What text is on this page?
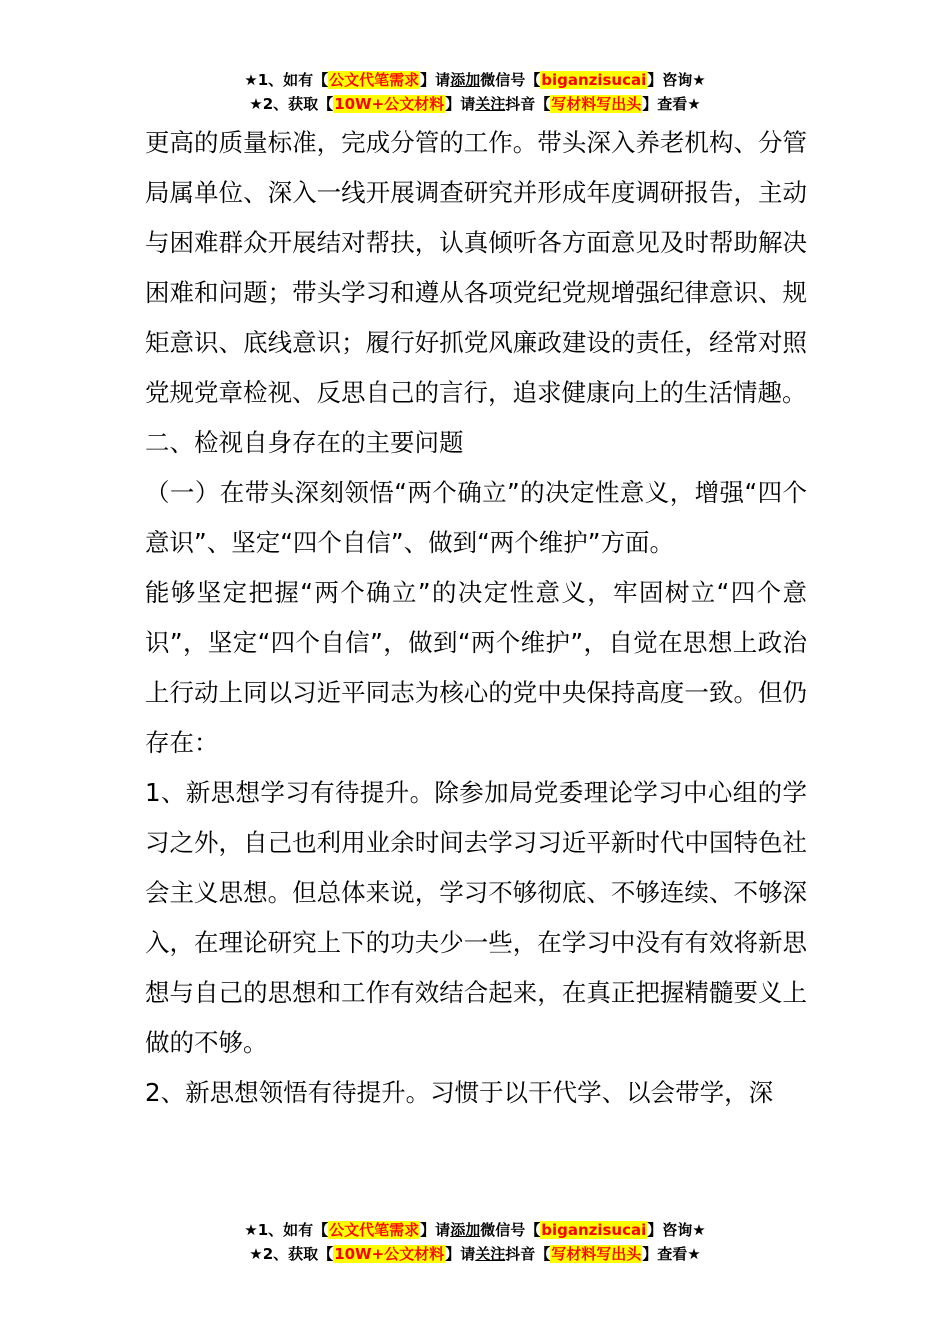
★1、如有【公文代笔需求】请添加微信号【biganzisucai】咨询★
★2、获取【10W+公文材料】请关注抖音【写材料写出头】查看★

更高的质量标准，完成分管的工作。带头深入养老机构、分管局属单位、深入一线开展调查研究并形成年度调研报告，主动与困难群众开展结对帮扶，认真倾听各方面意见及时帮助解决困难和问题；带头学习和遵从各项党纪党规增强纪律意识、规矩意识、底线意识；履行好抓党风廉政建设的责任，经常对照党规党章检视、反思自己的言行，追求健康向上的生活情趣。

二、检视自身存在的主要问题

（一）在带头深刻领悟“两个确立”的决定性意义，增强“四个意识”、坚定“四个自信”、做到“两个维护”方面。

能够坚定把握“两个确立”的决定性意义，牢固树立“四个意识”，坚定“四个自信”，做到“两个维护”，自觉在思想上政治上行动上同以习近平同志为核心的党中央保持高度一致。但仍存在：

1、新思想学习有待提升。除参加局党委理论学习中心组的学习之外，自己也利用业余时间去学习习近平新时代中国特色社会主义思想。但总体来说，学习不够彻底、不够连续、不够深入，在理论研究上下的功夫少一些，在学习中没有有效将新思想与自己的思想和工作有效结合起来，在真正把握精髓要义上做的不够。

2、新思想领悟有待提升。习惯于以干代学、以会带学，深

★1、如有【公文代笔需求】请添加微信号【biganzisucai】咨询★
★2、获取【10W+公文材料】请关注抖音【写材料写出头】查看★
